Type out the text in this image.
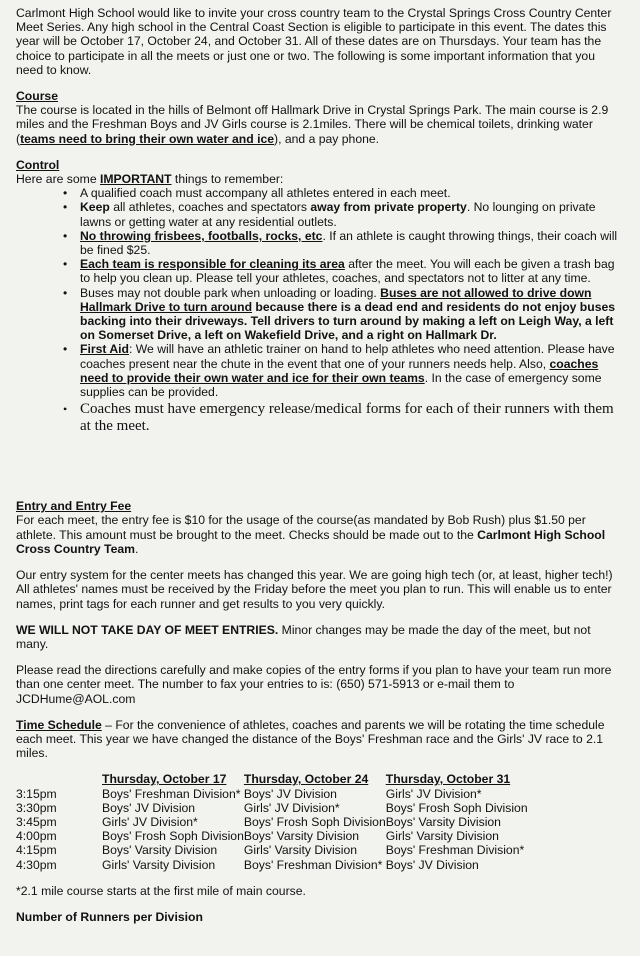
Carlmont High School would like to invite your cross country team to the Crystal Springs Cross Country Center Meet Series. Any high school in the Central Coast Section is eligible to participate in this event. The dates this year will be October 17, October 24, and October 31. All of these dates are on Thursdays. Your team has the choice to participate in all the meets or just one or two. The following is some important information that you need to know.

Course

The course is located in the hills of Belmont off Hallmark Drive in Crystal Springs Park. The main course is 2.9 miles and the Freshman Boys and JV Girls course is 2.1miles. There will be chemical toilets, drinking water (teams need to bring their own water and ice), and a pay phone.

Control

Here are some IMPORTANT things to remember:

• A qualified coach must accompany all athletes entered in each meet.
• Keep all athletes, coaches and spectators away from private property. No lounging on private lawns or getting water at any residential outlets.
• No throwing frisbees, footballs, rocks, etc. If an athlete is caught throwing things, their coach will be fined $25.
• Each team is responsible for cleaning its area after the meet. You will each be given a trash bag to help you clean up. Please tell your athletes, coaches, and spectators not to litter at any time.
• Buses may not double park when unloading or loading. Buses are not allowed to drive down Hallmark Drive to turn around because there is a dead end and residents do not enjoy buses backing into their driveways. Tell drivers to turn around by making a left on Leigh Way, a left on Somerset Drive, a left on Wakefield Drive, and a right on Hallmark Dr.
• First Aid: We will have an athletic trainer on hand to help athletes who need attention. Please have coaches present near the chute in the event that one of your runners needs help. Also, coaches need to provide their own water and ice for their own teams. In the case of emergency some supplies can be provided.
• Coaches must have emergency release/medical forms for each of their runners with them at the meet.

Entry and Entry Fee

For each meet, the entry fee is $10 for the usage of the course(as mandated by Bob Rush) plus $1.50 per athlete. This amount must be brought to the meet. Checks should be made out to the Carlmont High School Cross Country Team.

Our entry system for the center meets has changed this year. We are going high tech (or, at least, higher tech!) All athletes' names must be received by the Friday before the meet you plan to run. This will enable us to enter names, print tags for each runner and get results to you very quickly.

WE WILL NOT TAKE DAY OF MEET ENTRIES. Minor changes may be made the day of the meet, but not many.

Please read the directions carefully and make copies of the entry forms if you plan to have your team run more than one center meet. The number to fax your entries to is: (650) 571-5913 or e-mail them to JCDHume@AOL.com

Time Schedule – For the convenience of athletes, coaches and parents we will be rotating the time schedule each meet. This year we have changed the distance of the Boys' Freshman race and the Girls' JV race to 2.1 miles.

	Thursday, October 17	Thursday, October 24	Thursday, October 31
3:15pm	Boys' Freshman Division*	Boys' JV Division	Girls' JV Division*
3:30pm	Boys' JV Division	Girls' JV Division*	Boys' Frosh Soph Division
3:45pm	Girls' JV Division*	Boys' Frosh Soph Division	Boys' Varsity Division
4:00pm	Boys' Frosh Soph Division	Boys' Varsity Division	Girls' Varsity Division
4:15pm	Boys' Varsity Division	Girls' Varsity Division	Boys' Freshman Division*
4:30pm	Girls' Varsity Division	Boys' Freshman Division*	Boys' JV Division

*2.1 mile course starts at the first mile of main course.

Number of Runners per Division
